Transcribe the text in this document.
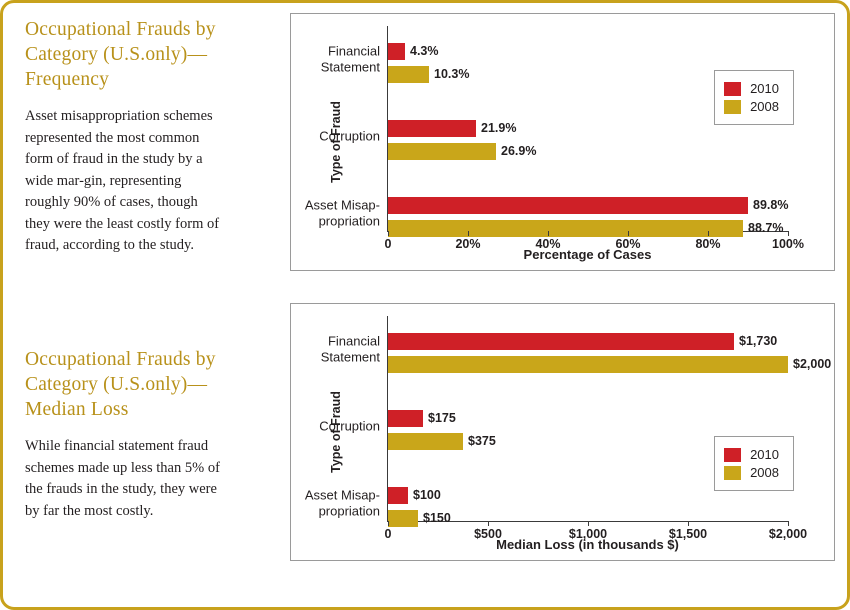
Occupational Frauds by Category (U.S.only)—Frequency
Asset misappropriation schemes represented the most common form of fraud in the study by a wide mar-gin, representing roughly 90% of cases, though they were the least costly form of fraud, according to the study.
Occupational Frauds by Category (U.S.only)—Median Loss
While financial statement fraud schemes made up less than 5% of the frauds in the study, they were by far the most costly.
Type of Fraud
Financial
Statement
4.3%
10.3%
Corruption
21.9%
26.9%
Asset Misap-
propriation
89.8%
88.7%
0	20%	40%	60%	80%	100%
Percentage of Cases
2010
2008
Type of Fraud
Financial
Statement
$1,730
$2,000
Corruption
$175
$375
Asset Misap-
propriation
$100
$150
0	$500	$1,000	$1,500	$2,000
Median Loss (in thousands $)
2010
2008
